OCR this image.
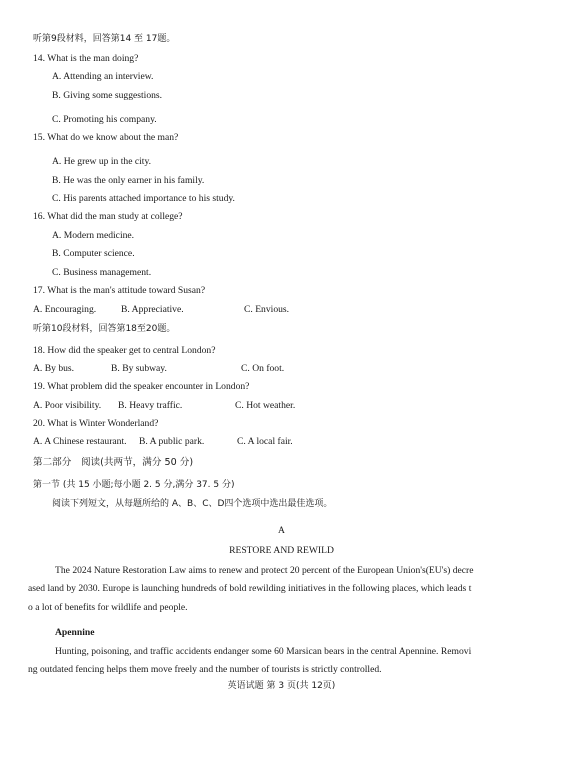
听第9段材料，回答第14 至 17题。
14. What is the man doing?
A. Attending an interview.
B. Giving some suggestions.
C. Promoting his company.
15. What do we know about the man?
A. He grew up in the city.
B. He was the only earner in his family.
C. His parents attached importance to his study.
16. What did the man study at college?
A. Modern medicine.
B. Computer science.
C. Business management.
17. What is the man's attitude toward Susan?
A. Encouraging.	B. Appreciative.	C. Envious.
听第10段材料，回答第18至20题。
18. How did the speaker get to central London?
A. By bus.	B. By subway.	C. On foot.
19. What problem did the speaker encounter in London?
A. Poor visibility. B. Heavy traffic.	C. Hot weather.
20. What is Winter Wonderland?
A. A Chinese restaurant. B. A public park.	C. A local fair.
第二部分　阅读(共两节，满分 50 分)
第一节 (共 15 小题;每小题 2. 5 分,满分 37. 5 分)
阅读下列短文，从每题所给的 A、B、C、D四个选项中选出最佳选项。
A
RESTORE AND REWILD
The 2024 Nature Restoration Law aims to renew and protect 20 percent of the European Union's(EU's) decre
ased land by 2030. Europe is launching hundreds of bold rewilding initiatives in the following places, which leads t
o a lot of benefits for wildlife and people.
Apennine
Hunting, poisoning, and traffic accidents endanger some 60 Marsican bears in the central Apennine. Removi
ng outdated fencing helps them move freely and the number of tourists is strictly controlled.
英语试题 第 3 页(共 12页)
